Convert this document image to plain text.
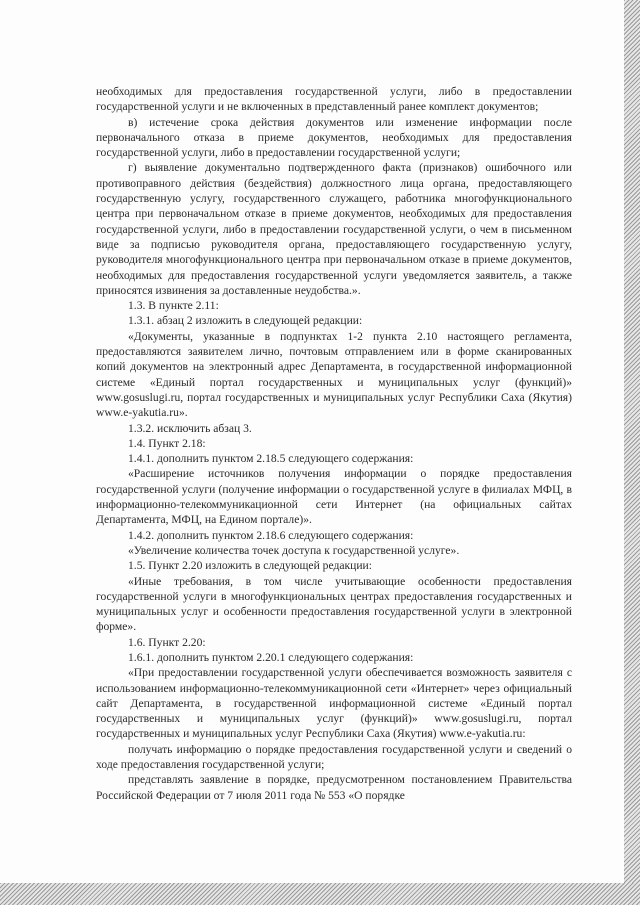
необходимых для предоставления государственной услуги, либо в предоставлении государственной услуги и не включенных в представленный ранее комплект документов;

в) истечение срока действия документов или изменение информации после первоначального отказа в приеме документов, необходимых для предоставления государственной услуги, либо в предоставлении государственной услуги;

г) выявление документально подтвержденного факта (признаков) ошибочного или противоправного действия (бездействия) должностного лица органа, предоставляющего государственную услугу, государственного служащего, работника многофункционального центра при первоначальном отказе в приеме документов, необходимых для предоставления государственной услуги, либо в предоставлении государственной услуги, о чем в письменном виде за подписью руководителя органа, предоставляющего государственную услугу, руководителя многофункционального центра при первоначальном отказе в приеме документов, необходимых для предоставления государственной услуги уведомляется заявитель, а также приносятся извинения за доставленные неудобства.».

1.3. В пункте 2.11:

1.3.1. абзац 2 изложить в следующей редакции:

«Документы, указанные в подпунктах 1-2 пункта 2.10 настоящего регламента, предоставляются заявителем лично, почтовым отправлением или в форме сканированных копий документов на электронный адрес Департамента, в государственной информационной системе «Единый портал государственных и муниципальных услуг (функций)» www.gosuslugi.ru, портал государственных и муниципальных услуг Республики Саха (Якутия) www.e-yakutia.ru».

1.3.2. исключить абзац 3.

1.4. Пункт 2.18:

1.4.1. дополнить пунктом 2.18.5 следующего содержания:

«Расширение источников получения информации о порядке предоставления государственной услуги (получение информации о государственной услуге в филиалах МФЦ, в информационно-телекоммуникационной сети Интернет (на официальных сайтах Департамента, МФЦ, на Едином портале)».

1.4.2. дополнить пунктом 2.18.6 следующего содержания:

«Увеличение количества точек доступа к государственной услуге».

1.5. Пункт 2.20 изложить в следующей редакции:

«Иные требования, в том числе учитывающие особенности предоставления государственной услуги в многофункциональных центрах предоставления государственных и муниципальных услуг и особенности предоставления государственной услуги в электронной форме».

1.6. Пункт 2.20:

1.6.1. дополнить пунктом 2.20.1 следующего содержания:

«При предоставлении государственной услуги обеспечивается возможность заявителя с использованием информационно-телекоммуникационной сети «Интернет» через официальный сайт Департамента, в государственной информационной системе «Единый портал государственных и муниципальных услуг (функций)» www.gosuslugi.ru, портал государственных и муниципальных услуг Республики Саха (Якутия) www.e-yakutia.ru:

получать информацию о порядке предоставления государственной услуги и сведений о ходе предоставления государственной услуги;

представлять заявление в порядке, предусмотренном постановлением Правительства Российской Федерации от 7 июля 2011 года № 553 «О порядке
